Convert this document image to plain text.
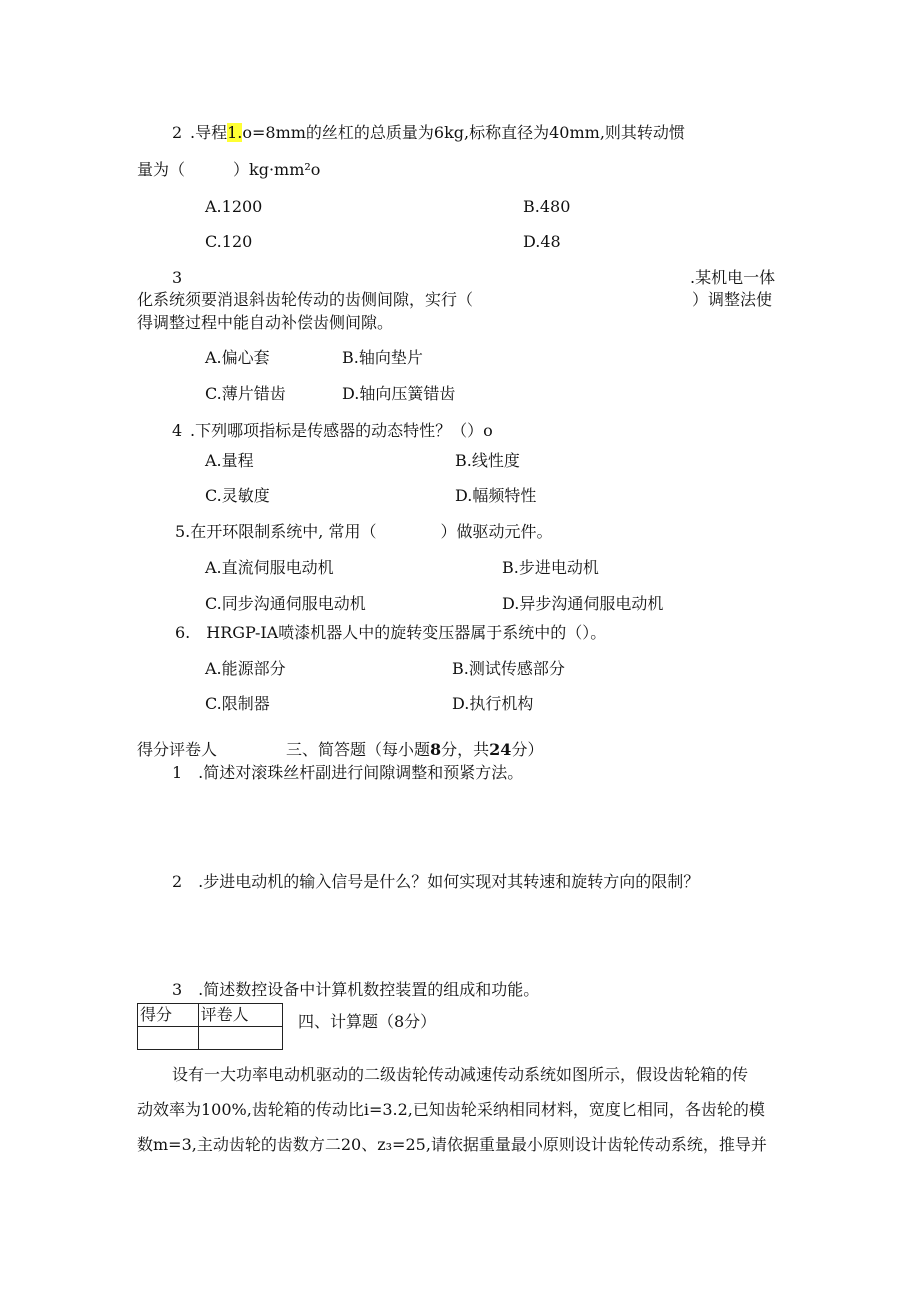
2 .导程1.o=8mm的丝杠的总质量为6kg,标称直径为40mm,则其转动惯
量为（　　　）kg·mm²o
A.1200	B.480
C.120	D.48
3	.某机电一体
化系统须要消退斜齿轮传动的齿侧间隙，实行（	）调整法使
得调整过程中能自动补偿齿侧间隙。
A.偏心套	B.轴向垫片
C.薄片错齿	D.轴向压簧错齿
4 .下列哪项指标是传感器的动态特性？（）o
A.量程	B.线性度
C.灵敏度	D.幅频特性
5.在开环限制系统中, 常用（　　　　）做驱动元件。
A.直流伺服电动机	B.步进电动机
C.同步沟通伺服电动机	D.异步沟通伺服电动机
6.　HRGP-IA喷漆机器人中的旋转变压器属于系统中的（）。
A.能源部分	B.测试传感部分
C.限制器	D.执行机构
得分评卷人	三、简答题（每小题8分，共24分）
1　.简述对滚珠丝杆副进行间隙调整和预紧方法。
2　.步进电动机的输入信号是什么？如何实现对其转速和旋转方向的限制？
3　.简述数控设备中计算机数控装置的组成和功能。
得分	评卷人
		四、计算题（8分）
设有一大功率电动机驱动的二级齿轮传动减速传动系统如图所示，假设齿轮箱的传
动效率为100%,齿轮箱的传动比i=3.2,已知齿轮采纳相同材料，宽度匕相同，各齿轮的模
数m=3,主动齿轮的齿数方二20、z₃=25,请依据重量最小原则设计齿轮传动系统，推导并
